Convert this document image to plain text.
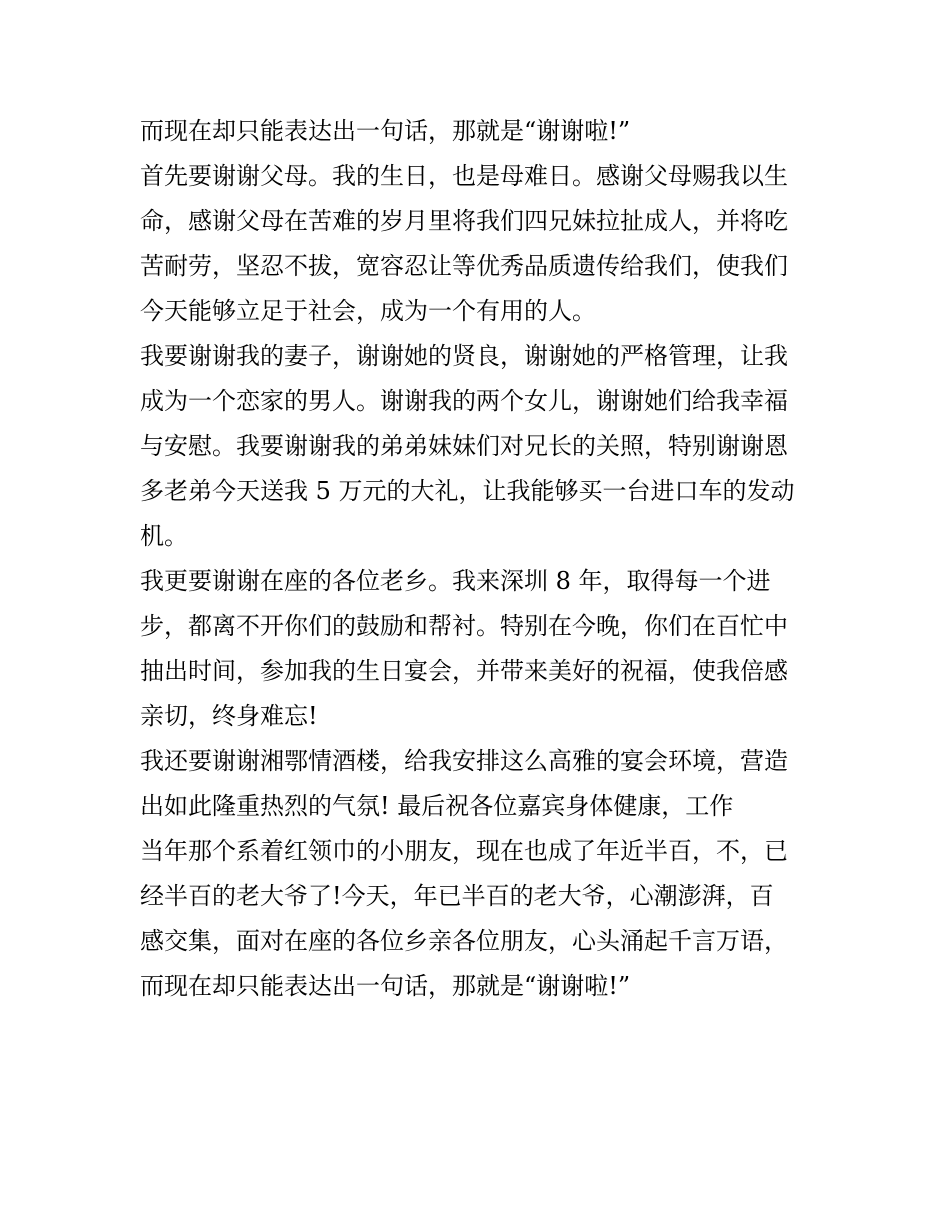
而现在却只能表达出一句话，那就是“谢谢啦!”
首先要谢谢父母。我的生日，也是母难日。感谢父母赐我以生
命，感谢父母在苦难的岁月里将我们四兄妹拉扯成人，并将吃
苦耐劳，坚忍不拔，宽容忍让等优秀品质遗传给我们，使我们
今天能够立足于社会，成为一个有用的人。
我要谢谢我的妻子，谢谢她的贤良，谢谢她的严格管理，让我
成为一个恋家的男人。谢谢我的两个女儿，谢谢她们给我幸福
与安慰。我要谢谢我的弟弟妹妹们对兄长的关照，特别谢谢恩
多老弟今天送我 5 万元的大礼，让我能够买一台进口车的发动
机。
我更要谢谢在座的各位老乡。我来深圳 8 年，取得每一个进
步，都离不开你们的鼓励和帮衬。特别在今晚，你们在百忙中
抽出时间，参加我的生日宴会，并带来美好的祝福，使我倍感
亲切，终身难忘!
我还要谢谢湘鄂情酒楼，给我安排这么高雅的宴会环境，营造
出如此隆重热烈的气氛! 最后祝各位嘉宾身体健康，工作
当年那个系着红领巾的小朋友，现在也成了年近半百，不，已
经半百的老大爷了!今天，年已半百的老大爷，心潮澎湃，百
感交集，面对在座的各位乡亲各位朋友，心头涌起千言万语，
而现在却只能表达出一句话，那就是“谢谢啦!”
